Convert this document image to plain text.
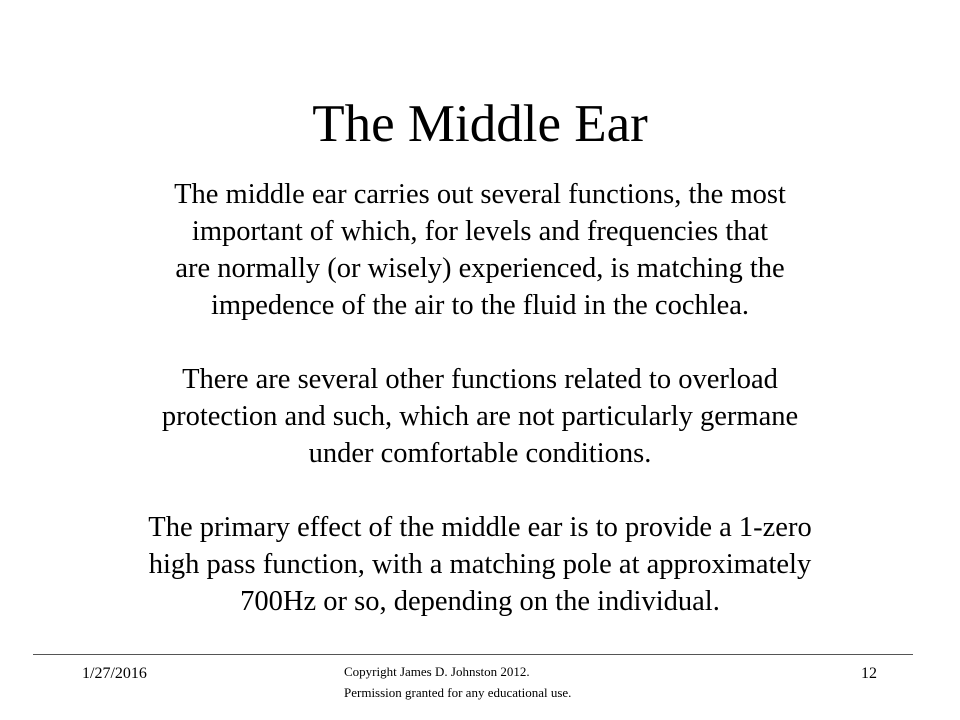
The Middle Ear
The middle ear carries out several functions, the most
important of which, for levels and frequencies that
are normally (or wisely) experienced, is matching the
impedence of the air to the fluid in the cochlea.
There are several other functions related to overload
protection and such, which are not particularly germane
under comfortable conditions.
The primary effect of the middle ear is to provide a 1-zero
high pass function, with a matching pole at approximately
700Hz or so, depending on the individual.
1/27/2016	Copyright James D. Johnston 2012.
Permission granted for any educational use.
12
